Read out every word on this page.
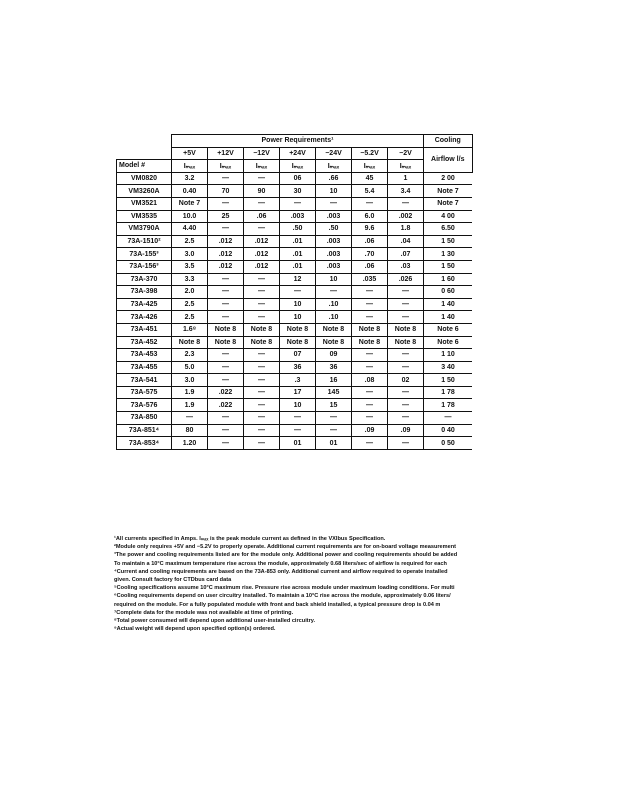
	Power Requirements¹							Cooling
	+5V	+12V	−12V	+24V	−24V	−5.2V	−2V	Airflow l/s
Model #	Iₘₐₓ	Iₘₐₓ	Iₘₐₓ	Iₘₐₓ	Iₘₐₓ	Iₘₐₓ	Iₘₐₓ	
VM0820	3.2	—	—	06	.66	45	1	2 00
VM3260A	0.40	70	90	30	10	5.4	3.4	Note 7
VM3521	Note 7	—	—	—	—	—	—	Note 7
VM3535	10.0	25	.06	.003	.003	6.0	.002	4 00
VM3790A	4.40	—	—	.50	.50	9.6	1.8	6.50
73A-1510²	2.5	.012	.012	.01	.003	.06	.04	1 50
73A-155³	3.0	.012	.012	.01	.003	.70	.07	1 30
73A-156³	3.5	.012	.012	.01	.003	.06	.03	1 50
73A-370	3.3	—	—	12	10	.035	.026	1 60
73A-398	2.0	—	—	—	—	—	—	0 60
73A-425	2.5	—	—	10	.10	—	—	1 40
73A-426	2.5	—	—	10	.10	—	—	1 40
73A-451	1.6⁸	Note 8	Note 8	Note 8	Note 8	Note 8	Note 8	Note 6
73A-452	Note 8	Note 8	Note 8	Note 8	Note 8	Note 8	Note 8	Note 6
73A-453	2.3	—	—	07	09	—	—	1 10
73A-455	5.0	—	—	36	36	—	—	3 40
73A-541	3.0	—	—	.3	16	.08	02	1 50
73A-575	1.9	.022	—	17	145	—	—	1 78
73A-576	1.9	.022	—	10	15	—	—	1 78
73A-850	—	—	—	—	—	—	—	—
73A-851⁴	80	—	—	—	—	.09	.09	0 40
73A-853⁴	1.20	—	—	01	01	—	—	0 50

¹All currents specified in Amps. Iₘₐₓ is the peak module current as defined in the VXIbus Specification.

²Module only requires +5V and −5.2V to properly operate. Additional current requirements are for on-board voltage measurement

³The power and cooling requirements listed are for the module only. Additional power and cooling requirements should be added

To maintain a 10°C maximum temperature rise across the module, approximately 0.68 liters/sec of airflow is required for each

⁴Current and cooling requirements are based on the 73A-853 only. Additional current and airflow required to operate installed

given. Consult factory for CTDbus card data

⁵Cooling specifications assume 10°C maximum rise. Pressure rise across module under maximum loading conditions. For multi

⁶Cooling requirements depend on user circuitry installed. To maintain a 10°C rise across the module, approximately 0.06 liters/

required on the module. For a fully populated module with front and back shield installed, a typical pressure drop is 0.04 m

⁷Complete data for the module was not available at time of printing.

⁸Total power consumed will depend upon additional user-installed circuitry.

⁹Actual weight will depend upon specified option(s) ordered.
